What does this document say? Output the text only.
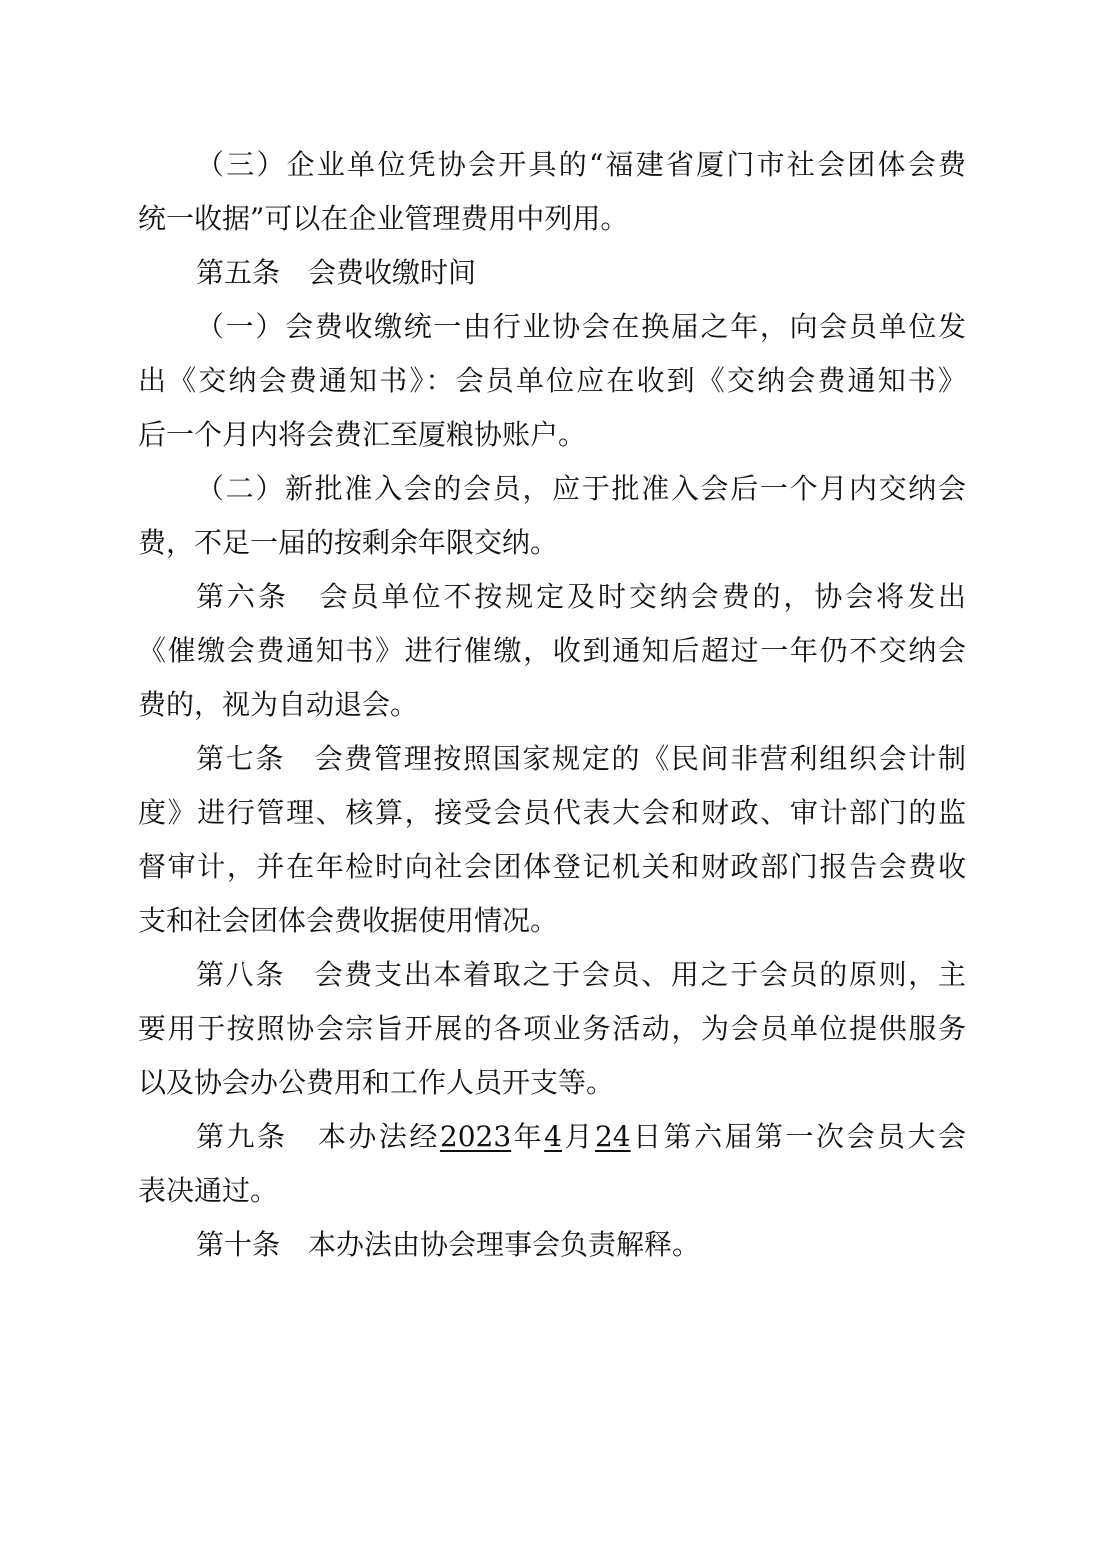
（三）企业单位凭协会开具的“福建省厦门市社会团体会费
统一收据”可以在企业管理费用中列用。
第五条　会费收缴时间
（一）会费收缴统一由行业协会在换届之年，向会员单位发
出《交纳会费通知书》：会员单位应在收到《交纳会费通知书》
后一个月内将会费汇至厦粮协账户。
（二）新批准入会的会员，应于批准入会后一个月内交纳会
费，不足一届的按剩余年限交纳。
第六条　会员单位不按规定及时交纳会费的，协会将发出
《催缴会费通知书》进行催缴，收到通知后超过一年仍不交纳会
费的，视为自动退会。
第七条　会费管理按照国家规定的《民间非营利组织会计制
度》进行管理、核算，接受会员代表大会和财政、审计部门的监
督审计，并在年检时向社会团体登记机关和财政部门报告会费收
支和社会团体会费收据使用情况。
第八条　会费支出本着取之于会员、用之于会员的原则，主
要用于按照协会宗旨开展的各项业务活动，为会员单位提供服务
以及协会办公费用和工作人员开支等。
第九条　本办法经2023年4月24日第六届第一次会员大会
表决通过。
第十条　本办法由协会理事会负责解释。
